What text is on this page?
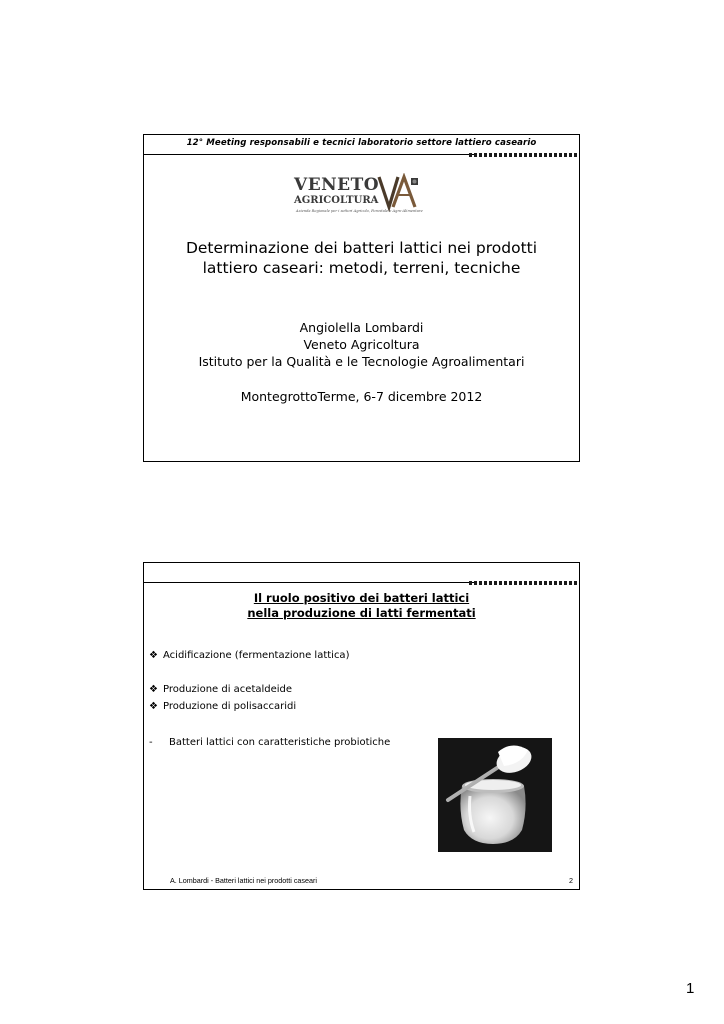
12° Meeting responsabili e tecnici laboratorio settore lattiero caseario
VENETO
AGRICOLTURA
Azienda Regionale per i settori Agricolo, Forestale e Agro-Alimentare
Determinazione dei batteri lattici nei prodotti
lattiero caseari: metodi, terreni, tecniche
Angiolella Lombardi
Veneto Agricoltura
Istituto per la Qualità e le Tecnologie Agroalimentari
MontegrottoTerme, 6-7 dicembre 2012
Il ruolo positivo dei batteri lattici
nella produzione di latti fermentati
❖ Acidificazione (fermentazione lattica)
❖ Produzione di acetaldeide
❖ Produzione di polisaccaridi
-	Batteri lattici con caratteristiche probiotiche
A. Lombardi - Batteri lattici nei prodotti caseari	2
1
